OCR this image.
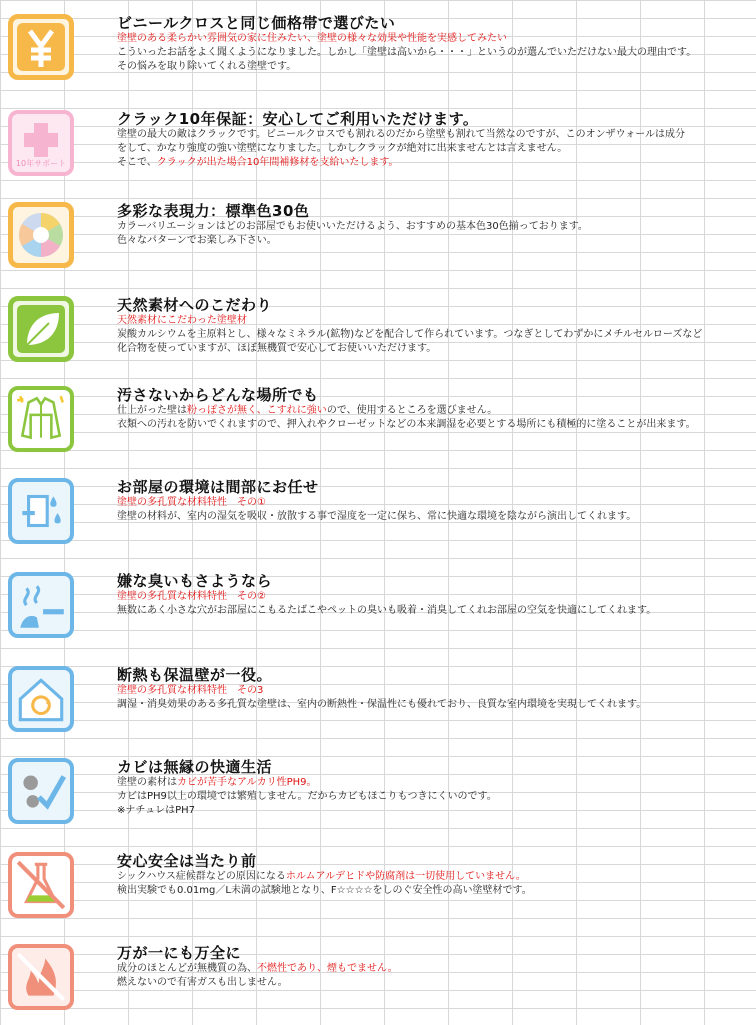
ビニールクロスと同じ価格帯で選びたい
塗壁のある柔らかい雰囲気の家に住みたい、塗壁の様々な効果や性能を実感してみたい
こういったお話をよく聞くようになりました。しかし「塗壁は高いから・・・」というのが選んでいただけない最大の理由です。
その悩みを取り除いてくれる塗壁です。
10年サポート
クラック10年保証：安心してご利用いただけます。
塗壁の最大の敵はクラックです。ビニールクロスでも割れるのだから塗壁も割れて当然なのですが、このオンザウォールは成分
をして、かなり強度の強い塗壁になりました。しかしクラックが絶対に出来ませんとは言えません。
そこで、クラックが出た場合10年間補修材を支給いたします。
多彩な表現力：標準色30色
カラーバリエーションはどのお部屋でもお使いいただけるよう、おすすめの基本色30色揃っております。
色々なパターンでお楽しみ下さい。
天然素材へのこだわり
天然素材にこだわった塗壁材
炭酸カルシウムを主原料とし、様々なミネラル(鉱物)などを配合して作られています。つなぎとしてわずかにメチルセルローズなど
化合物を使っていますが、ほぼ無機質で安心してお使いいただけます。
汚さないからどんな場所でも
仕上がった壁は粉っぽさが無く、こすれに強いので、使用するところを選びません。
衣類への汚れを防いでくれますので、押入れやクローゼットなどの本来調湿を必要とする場所にも積極的に塗ることが出来ます。
お部屋の環境は間部にお任せ
塗壁の多孔質な材料特性　その①
塗壁の材料が、室内の湿気を吸収・放散する事で湿度を一定に保ち、常に快適な環境を陰ながら演出してくれます。
嫌な臭いもさようなら
塗壁の多孔質な材料特性　その②
無数にあく小さな穴がお部屋にこもるたばこやペットの臭いも吸着・消臭してくれお部屋の空気を快適にしてくれます。
断熱も保温壁が一役。
塗壁の多孔質な材料特性　その3
調湿・消臭効果のある多孔質な塗壁は、室内の断熱性・保温性にも優れており、良質な室内環境を実現してくれます。
カビは無縁の快適生活
塗壁の素材はカビが苦手なアルカリ性PH9。
カビはPH9以上の環境では繁殖しません。だからカビもほこりもつきにくいのです。
※ナチュレはPH7
安心安全は当たり前
シックハウス症候群などの原因になるホルムアルデヒドや防腐剤は一切使用していません。
検出実験でも0.01mg／L未満の試験地となり、F☆☆☆☆をしのぐ安全性の高い塗壁材です。
万が一にも万全に
成分のほとんどが無機質の為、不燃性であり、煙もでません。
燃えないので有害ガスも出しません。
